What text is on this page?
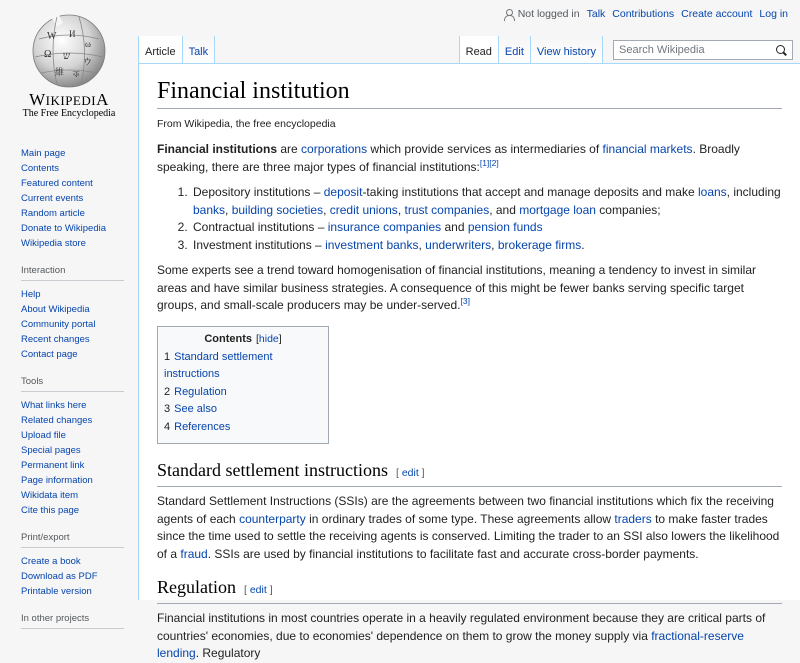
Not logged in Talk Contributions Create account Log in
W И
ω
Ω ש ウ
維 ক
WIKIPEDIA
The Free Encyclopedia
Main page
Contents
Featured content
Current events
Random article
Donate to Wikipedia
Wikipedia store
Interaction
Help
About Wikipedia
Community portal
Recent changes
Contact page
Tools
What links here
Related changes
Upload file
Special pages
Permanent link
Page information
Wikidata item
Cite this page
Print/export
Create a book
Download as PDF
Printable version
In other projects
Article	Talk	Read	Edit	View history	Search Wikipedia
Financial institution
From Wikipedia, the free encyclopedia

Financial institutions are corporations which provide services as intermediaries of financial markets. Broadly speaking, there are three major types of financial institutions:[1][2]

1. Depository institutions – deposit-taking institutions that accept and manage deposits and make loans, including banks, building societies, credit unions, trust companies, and mortgage loan companies;
2. Contractual institutions – insurance companies and pension funds
3. Investment institutions – investment banks, underwriters, brokerage firms.

Some experts see a trend toward homogenisation of financial institutions, meaning a tendency to invest in similar areas and have similar business strategies. A consequence of this might be fewer banks serving specific target groups, and small-scale producers may be under-served.[3]

Contents [hide]
1 Standard settlement instructions
2 Regulation
3 See also
4 References
Standard settlement instructions [ edit ]

Standard Settlement Instructions (SSIs) are the agreements between two financial institutions which fix the receiving agents of each counterparty in ordinary trades of some type. These agreements allow traders to make faster trades since the time used to settle the receiving agents is conserved. Limiting the trader to an SSI also lowers the likelihood of a fraud. SSIs are used by financial institutions to facilitate fast and accurate cross-border payments.

Regulation [ edit ]

Financial institutions in most countries operate in a heavily regulated environment because they are critical parts of countries' economies, due to economies' dependence on them to grow the money supply via fractional-reserve lending. Regulatory
